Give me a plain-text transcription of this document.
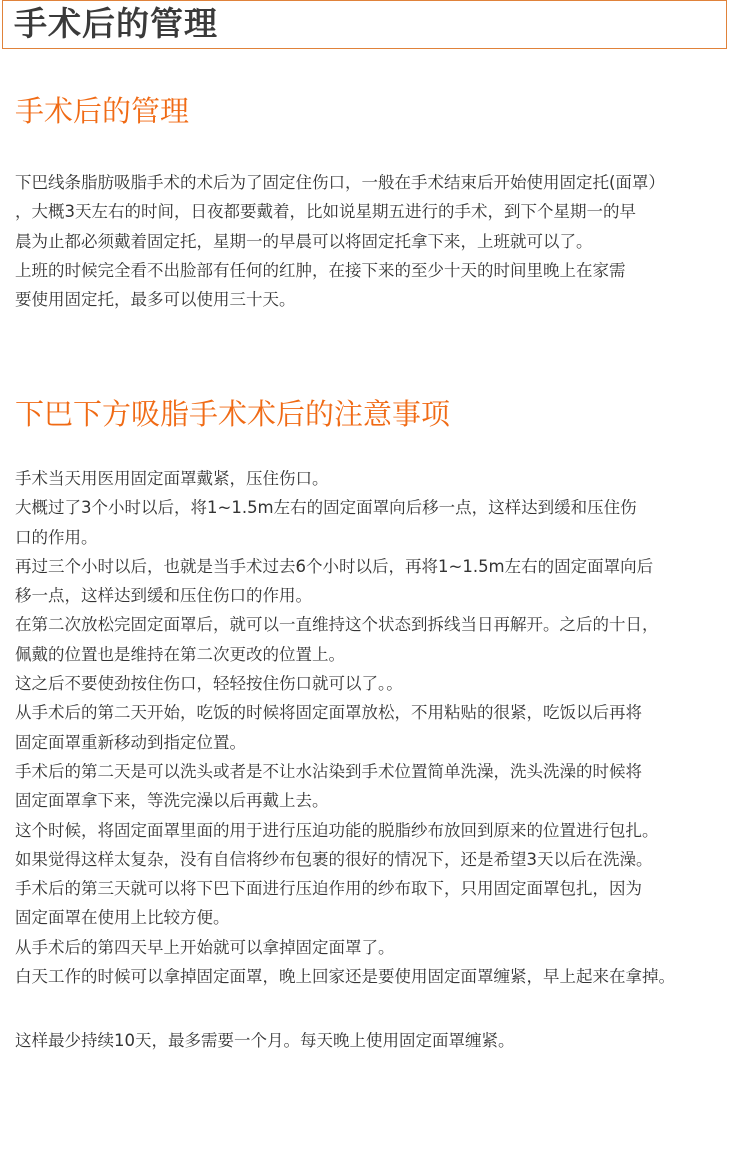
手术后的管理
手术后的管理
下巴线条脂肪吸脂手术的术后为了固定住伤口，一般在手术结束后开始使用固定托(面罩）
，大概3天左右的时间，日夜都要戴着，比如说星期五进行的手术，到下个星期一的早
晨为止都必须戴着固定托，星期一的早晨可以将固定托拿下来，上班就可以了。
上班的时候完全看不出脸部有任何的红肿，在接下来的至少十天的时间里晚上在家需
要使用固定托，最多可以使用三十天。
下巴下方吸脂手术术后的注意事项
手术当天用医用固定面罩戴紧，压住伤口。
大概过了3个小时以后，将1~1.5m左右的固定面罩向后移一点，这样达到缓和压住伤
口的作用。
再过三个小时以后，也就是当手术过去6个小时以后，再将1~1.5m左右的固定面罩向后
移一点，这样达到缓和压住伤口的作用。
在第二次放松完固定面罩后，就可以一直维持这个状态到拆线当日再解开。之后的十日，
佩戴的位置也是维持在第二次更改的位置上。
这之后不要使劲按住伤口，轻轻按住伤口就可以了。。
从手术后的第二天开始，吃饭的时候将固定面罩放松，不用粘贴的很紧，吃饭以后再将
固定面罩重新移动到指定位置。
手术后的第二天是可以洗头或者是不让水沾染到手术位置简单洗澡，洗头洗澡的时候将
固定面罩拿下来，等洗完澡以后再戴上去。
这个时候，将固定面罩里面的用于进行压迫功能的脱脂纱布放回到原来的位置进行包扎。
如果觉得这样太复杂，没有自信将纱布包裹的很好的情况下，还是希望3天以后在洗澡。
手术后的第三天就可以将下巴下面进行压迫作用的纱布取下，只用固定面罩包扎，因为
固定面罩在使用上比较方便。
从手术后的第四天早上开始就可以拿掉固定面罩了。
白天工作的时候可以拿掉固定面罩，晚上回家还是要使用固定面罩缠紧，早上起来在拿掉。
这样最少持续10天，最多需要一个月。每天晚上使用固定面罩缠紧。
